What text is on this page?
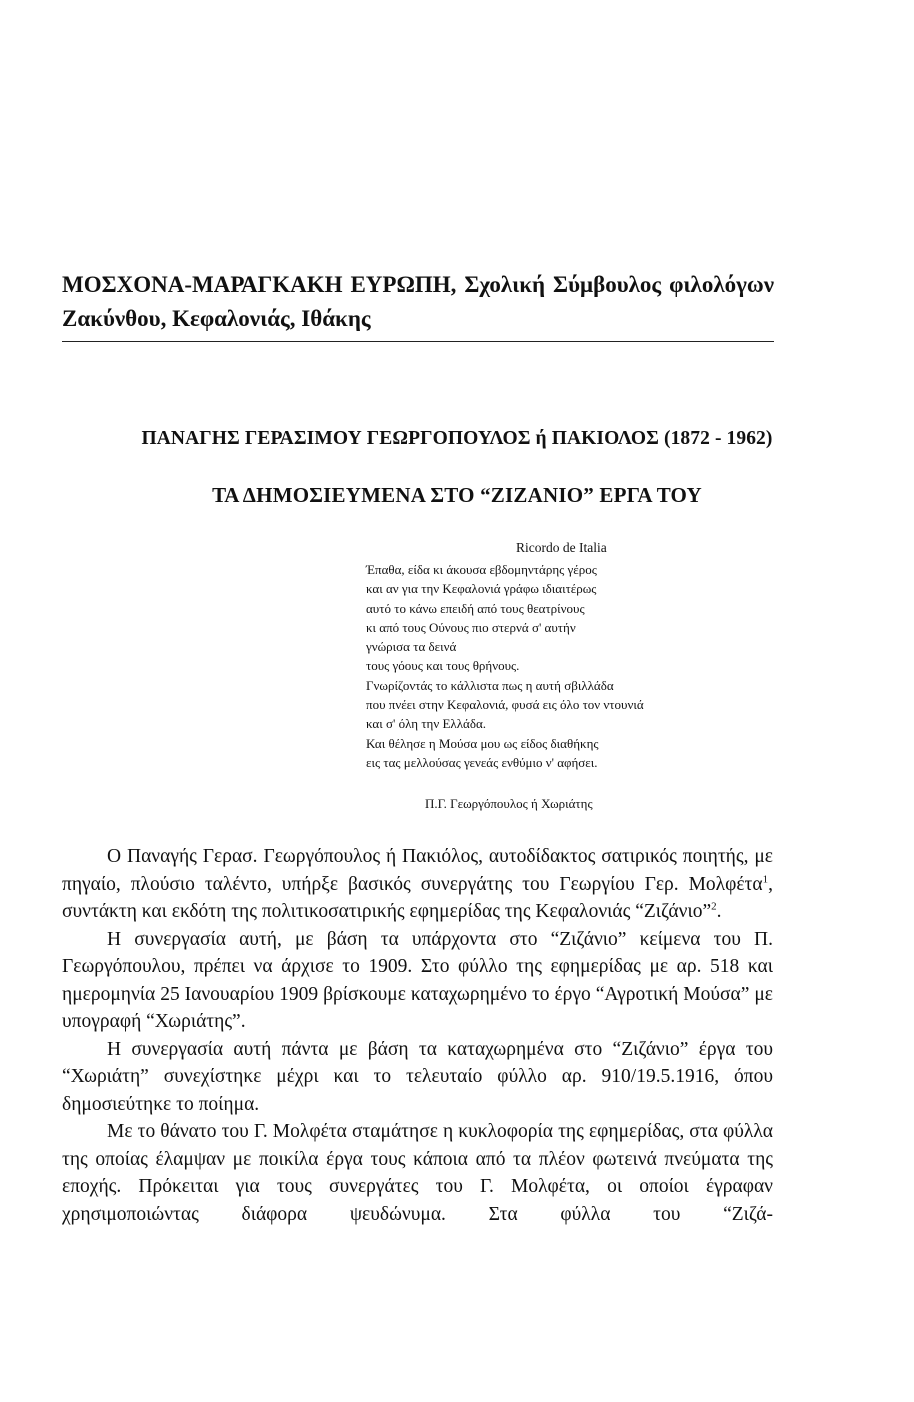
ΜΟΣΧΟΝΑ-ΜΑΡΑΓΚΑΚΗ ΕΥΡΩΠΗ, Σχολική Σύμβουλος φιλολόγων Ζακύνθου, Κεφαλονιάς, Ιθάκης
ΠΑΝΑΓΗΣ ΓΕΡΑΣΙΜΟΥ ΓΕΩΡΓΟΠΟΥΛΟΣ ή ΠΑΚΙΟΛΟΣ (1872 - 1962)
ΤΑ ΔΗΜΟΣΙΕΥΜΕΝΑ ΣΤΟ “ΖΙΖΑΝΙΟ” ΕΡΓΑ ΤΟΥ

Ricordo de Italia

Έπαθα, είδα κι άκουσα εβδομηντάρης γέρος
και αν για την Κεφαλονιά γράφω ιδιαιτέρως
αυτό το κάνω επειδή από τους θεατρίνους
κι από τους Ούνους πιο στερνά σ' αυτήν
γνώρισα τα δεινά
τους γόους και τους θρήνους.
Γνωρίζοντάς το κάλλιστα πως η αυτή σβιλλάδα
που πνέει στην Κεφαλονιά, φυσά εις όλο τον ντουνιά
και σ' όλη την Ελλάδα.
Και θέλησε η Μούσα μου ως είδος διαθήκης
εις τας μελλούσας γενεάς ενθύμιο ν' αφήσει.

Π.Γ. Γεωργόπουλος ή Χωριάτης

Ο Παναγής Γερασ. Γεωργόπουλος ή Πακιόλος, αυτοδίδακτος σατιρικός ποιητής, με πηγαίο, πλούσιο ταλέντο, υπήρξε βασικός συνεργάτης του Γεωργίου Γερ. Μολφέτα$^1$, συντάκτη και εκδότη της πολιτικοσατιρικής εφημερίδας της Κεφαλονιάς “Ζιζάνιο”$^2$.

Η συνεργασία αυτή, με βάση τα υπάρχοντα στο “Ζιζάνιο” κείμενα του Π. Γεωργόπουλου, πρέπει να άρχισε το 1909. Στο φύλλο της εφημερίδας με αρ. 518 και ημερομηνία 25 Ιανουαρίου 1909 βρίσκουμε καταχωρημένο το έργο “Αγροτική Μούσα” με υπογραφή “Χωριάτης”.

Η συνεργασία αυτή πάντα με βάση τα καταχωρημένα στο “Ζιζάνιο” έργα του “Χωριάτη” συνεχίστηκε μέχρι και το τελευταίο φύλλο αρ. 910/19.5.1916, όπου δημοσιεύτηκε το ποίημα.

Με το θάνατο του Γ. Μολφέτα σταμάτησε η κυκλοφορία της εφημερίδας, στα φύλλα της οποίας έλαμψαν με ποικίλα έργα τους κάποια από τα πλέον φωτεινά πνεύματα της εποχής. Πρόκειται για τους συνεργάτες του Γ. Μολφέτα, οι οποίοι έγραφαν χρησιμοποιώντας διάφορα ψευδώνυμα. Στα φύλλα του “Ζιζά-
